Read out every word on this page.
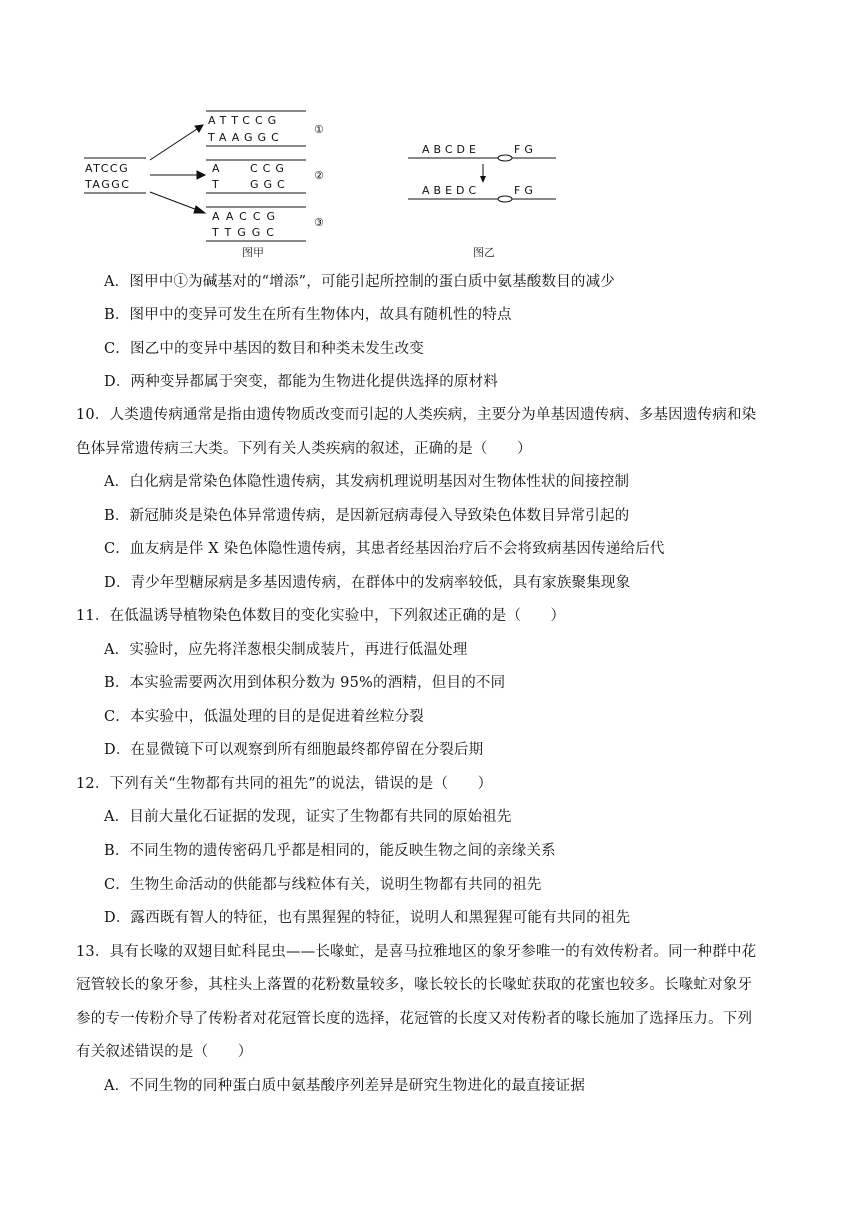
ATCCG
TAGGC
ATTCCG
TAAGGC
①
A	CCG
T	GGC
②
AACCG
TTGGC
③
图甲
ABCDE	FG
ABEDC	FG
图乙
A．图甲中①为碱基对的“增添”，可能引起所控制的蛋白质中氨基酸数目的减少
B．图甲中的变异可发生在所有生物体内，故具有随机性的特点
C．图乙中的变异中基因的数目和种类未发生改变
D．两种变异都属于突变，都能为生物进化提供选择的原材料
10．人类遗传病通常是指由遗传物质改变而引起的人类疾病，主要分为单基因遗传病、多基因遗传病和染
色体异常遗传病三大类。下列有关人类疾病的叙述，正确的是（　　）
A．白化病是常染色体隐性遗传病，其发病机理说明基因对生物体性状的间接控制
B．新冠肺炎是染色体异常遗传病，是因新冠病毒侵入导致染色体数目异常引起的
C．血友病是伴 X 染色体隐性遗传病，其患者经基因治疗后不会将致病基因传递给后代
D．青少年型糖尿病是多基因遗传病，在群体中的发病率较低，具有家族聚集现象
11．在低温诱导植物染色体数目的变化实验中，下列叙述正确的是（　　）
A．实验时，应先将洋葱根尖制成装片，再进行低温处理
B．本实验需要两次用到体积分数为 95%的酒精，但目的不同
C．本实验中，低温处理的目的是促进着丝粒分裂
D．在显微镜下可以观察到所有细胞最终都停留在分裂后期
12．下列有关“生物都有共同的祖先”的说法，错误的是（　　）
A．目前大量化石证据的发现，证实了生物都有共同的原始祖先
B．不同生物的遗传密码几乎都是相同的，能反映生物之间的亲缘关系
C．生物生命活动的供能都与线粒体有关，说明生物都有共同的祖先
D．露西既有智人的特征，也有黑猩猩的特征，说明人和黑猩猩可能有共同的祖先
13．具有长喙的双翅目虻科昆虫——长喙虻，是喜马拉雅地区的象牙参唯一的有效传粉者。同一种群中花
冠管较长的象牙参，其柱头上落置的花粉数量较多，喙长较长的长喙虻获取的花蜜也较多。长喙虻对象牙
参的专一传粉介导了传粉者对花冠管长度的选择，花冠管的长度又对传粉者的喙长施加了选择压力。下列
有关叙述错误的是（　　）
A．不同生物的同种蛋白质中氨基酸序列差异是研究生物进化的最直接证据
